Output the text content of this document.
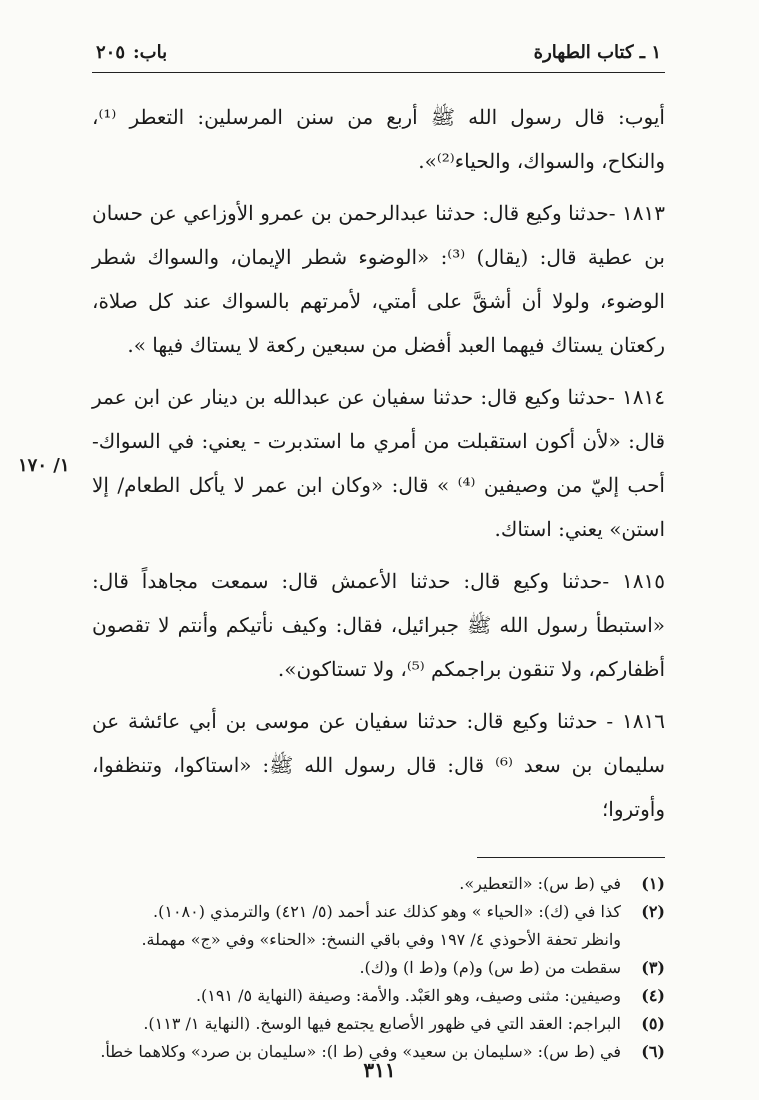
١ ـ كتاب الطهارة
باب:
٢٠٥
١/ ١٧٠

أيوب: قال رسول الله ﷺ أربع من سنن المرسلين: التعطر ⁽¹⁾، والنكاح، والسواك، والحياء⁽²⁾».

١٨١٣ -حدثنا وكيع قال: حدثنا عبدالرحمن بن عمرو الأوزاعي عن حسان بن عطية قال: (يقال) ⁽³⁾: «الوضوء شطر الإيمان، والسواك شطر الوضوء، ولولا أن أشقَّ على أمتي، لأمرتهم بالسواك عند كل صلاة، ركعتان يستاك فيهما العبد أفضل من سبعين ركعة لا يستاك فيها ».

١٨١٤ -حدثنا وكيع قال: حدثنا سفيان عن عبدالله بن دينار عن ابن عمر قال: «لأن أكون استقبلت من أمري ما استدبرت - يعني: في السواك- أحب إليّ من وصيفين ⁽⁴⁾ » قال: «وكان ابن عمر لا يأكل الطعام/ إلا استن» يعني: استاك.

١٨١٥ -حدثنا وكيع قال: حدثنا الأعمش قال: سمعت مجاهداً قال: «استبطأ رسول الله ﷺ جبرائيل، فقال: وكيف نأتيكم وأنتم لا تقصون أظفاركم، ولا تنقون براجمكم ⁽⁵⁾، ولا تستاكون».

١٨١٦ - حدثنا وكيع قال: حدثنا سفيان عن موسى بن أبي عائشة عن سليمان بن سعد ⁽⁶⁾ قال: قال رسول الله ﷺ: «استاكوا، وتنظفوا، وأوتروا؛

(١)
في (ط س): «التعطير».
(٢)
كذا في (ك): «الحياء » وهو كذلك عند أحمد (٥/ ٤٢١) والترمذي (١٠٨٠).
وانظر تحفة الأحوذي ٤/ ١٩٧ وفي باقي النسخ: «الحناء» وفي «ج» مهملة.
(٣)
سقطت من (ط س) و(م) و(ط ا) و(ك).
(٤)
وصيفين: مثنى وصيف، وهو العَبْد. والأمة: وصيفة (النهاية ٥/ ١٩١).
(٥)
البراجم: العقد التي في ظهور الأصابع يجتمع فيها الوسخ. (النهاية ١/ ١١٣).
(٦)
في (ط س): «سليمان بن سعيد» وفي (ط ا): «سليمان بن صرد» وكلاهما خطأ.
٣١١
